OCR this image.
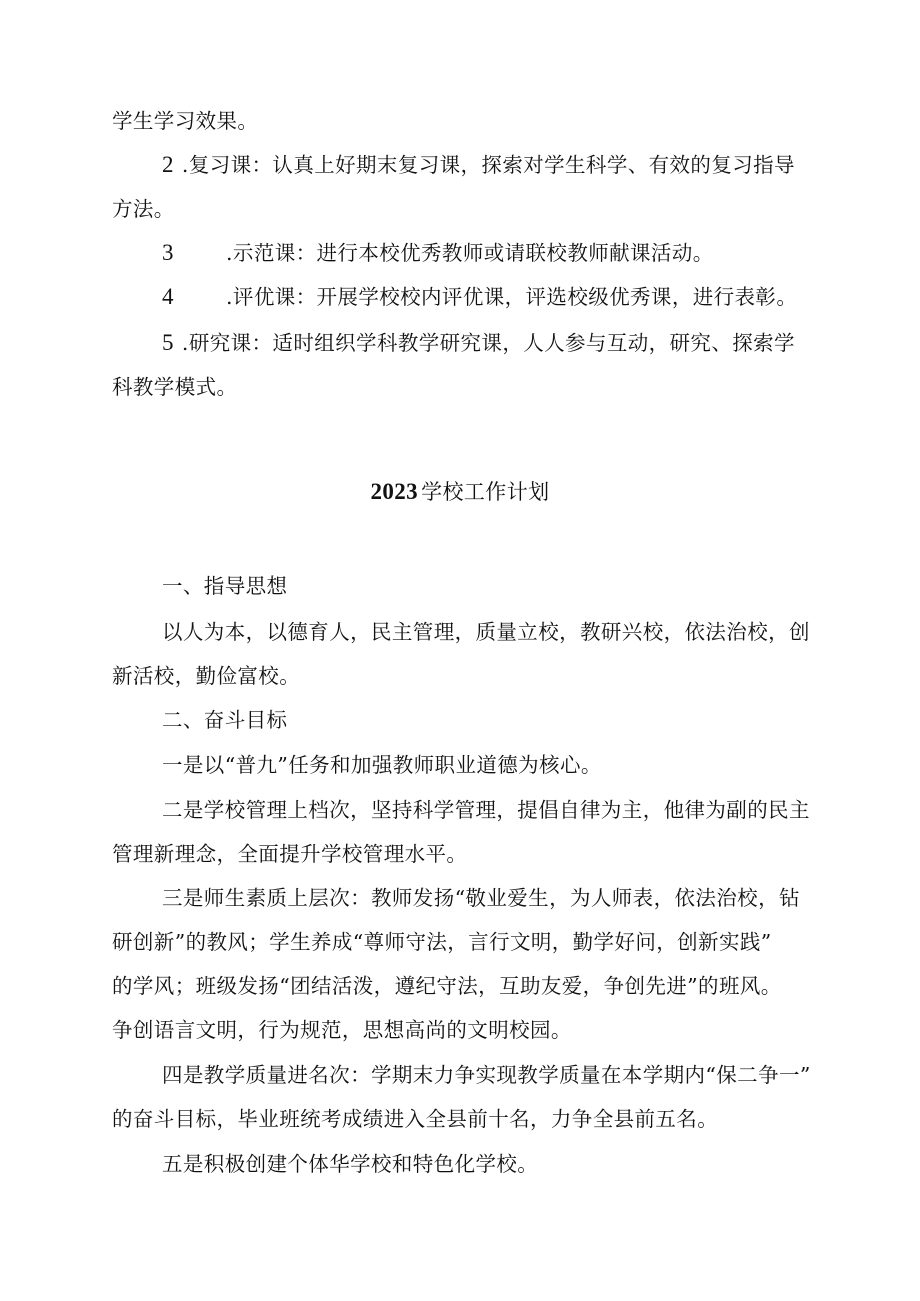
学生学习效果。
2 .复习课：认真上好期末复习课，探索对学生科学、有效的复习指导
方法。
3	.示范课：进行本校优秀教师或请联校教师献课活动。
4	.评优课：开展学校校内评优课，评选校级优秀课，进行表彰。
5 .研究课：适时组织学科教学研究课，人人参与互动，研究、探索学
科教学模式。
2023 学校工作计划
一、指导思想
以人为本，以德育人，民主管理，质量立校，教研兴校，依法治校，创
新活校，勤俭富校。
二、奋斗目标
一是以“普九”任务和加强教师职业道德为核心。
二是学校管理上档次，坚持科学管理，提倡自律为主，他律为副的民主
管理新理念，全面提升学校管理水平。
三是师生素质上层次：教师发扬“敬业爱生，为人师表，依法治校，钻
研创新”的教风；学生养成“尊师守法，言行文明，勤学好问，创新实践”
的学风；班级发扬“团结活泼，遵纪守法，互助友爱，争创先进”的班风。
争创语言文明，行为规范，思想高尚的文明校园。
四是教学质量进名次：学期末力争实现教学质量在本学期内“保二争一”
的奋斗目标，毕业班统考成绩进入全县前十名，力争全县前五名。
五是积极创建个体华学校和特色化学校。
